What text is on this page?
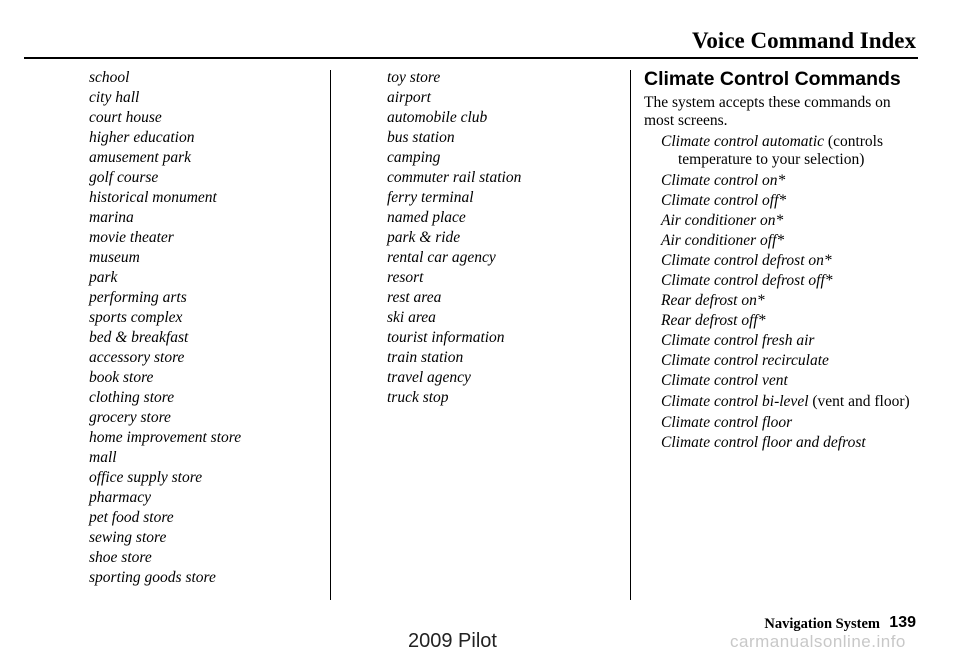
Voice Command Index
school
city hall
court house
higher education
amusement park
golf course
historical monument
marina
movie theater
museum
park
performing arts
sports complex
bed & breakfast
accessory store
book store
clothing store
grocery store
home improvement store
mall
office supply store
pharmacy
pet food store
sewing store
shoe store
sporting goods store
toy store
airport
automobile club
bus station
camping
commuter rail station
ferry terminal
named place
park & ride
rental car agency
resort
rest area
ski area
tourist information
train station
travel agency
truck stop
Climate Control Commands

The system accepts these commands on most screens.

Climate control automatic (controls temperature to your selection)
Climate control on*
Climate control off*
Air conditioner on*
Air conditioner off*
Climate control defrost on*
Climate control defrost off*
Rear defrost on*
Rear defrost off*
Climate control fresh air
Climate control recirculate
Climate control vent
Climate control bi-level (vent and floor)
Climate control floor
Climate control floor and defrost
Navigation System 139
2009 Pilot	carmanualsonline.info
